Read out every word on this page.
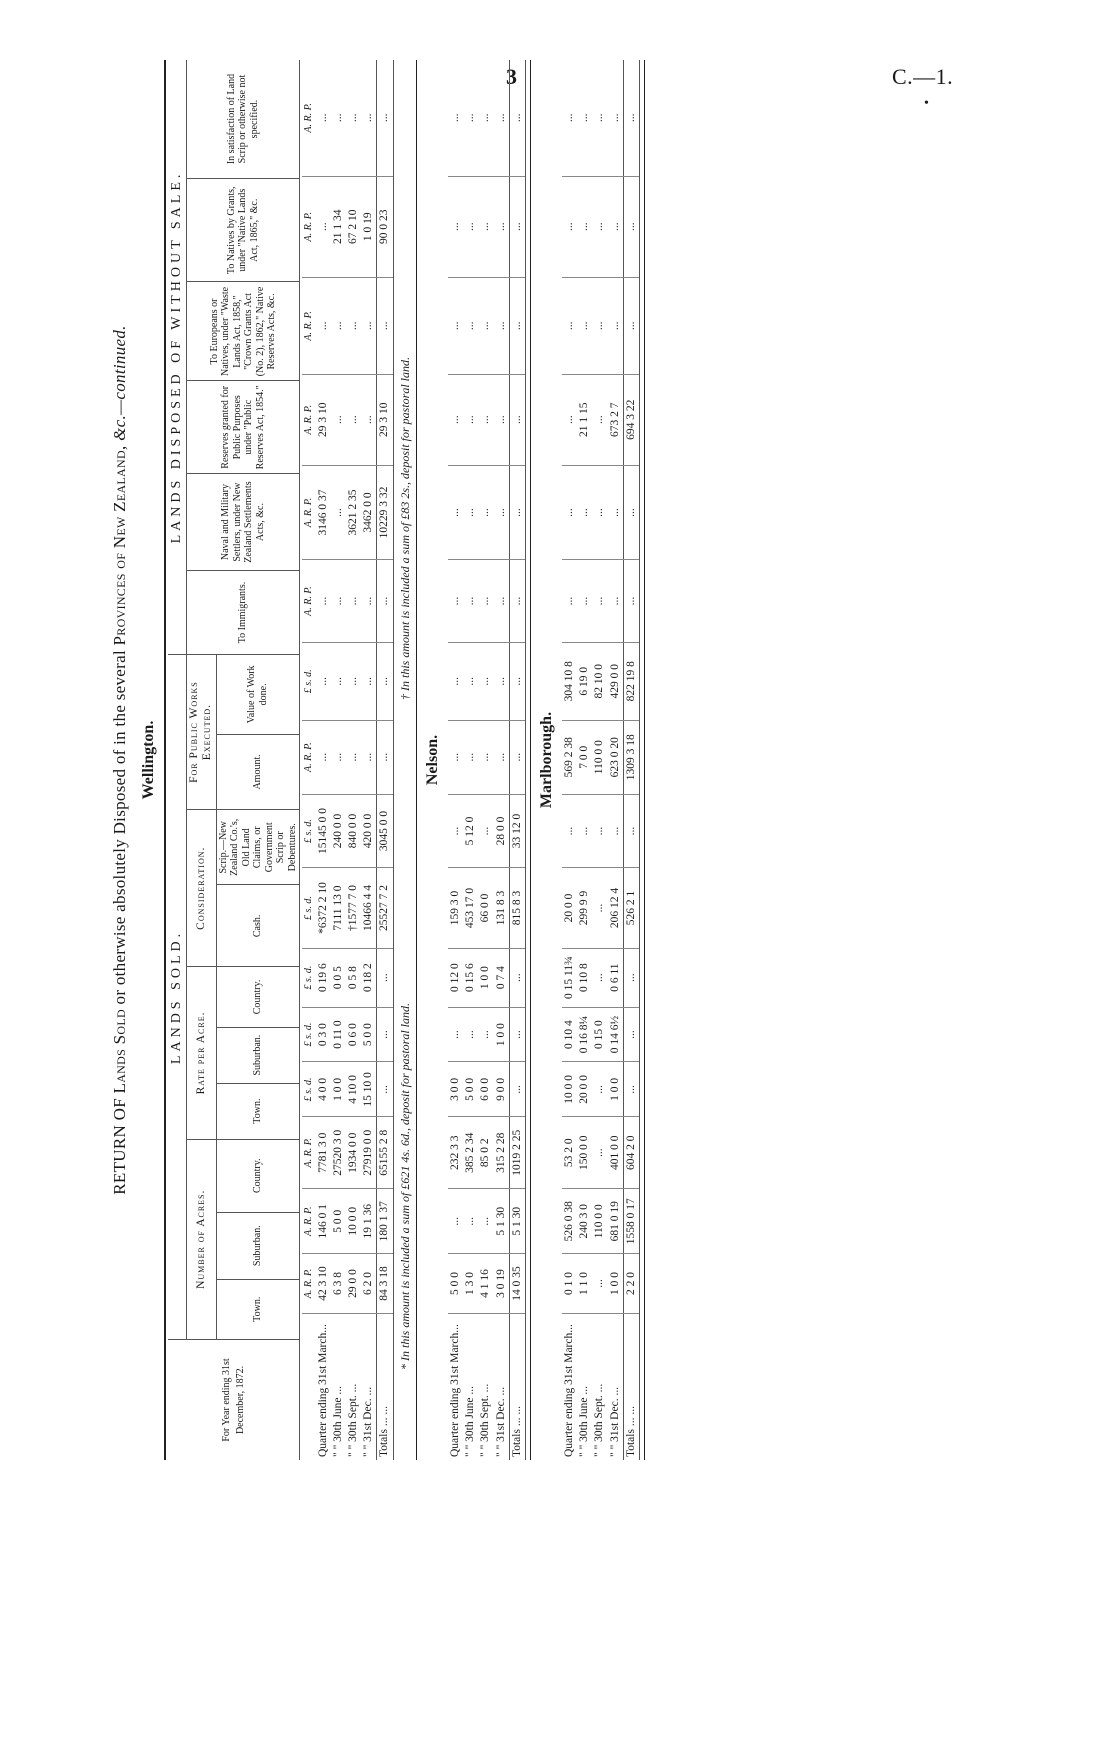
3	C.—1.
•
RETURN OF Lands Sold or otherwise absolutely Disposed of in the several Provinces of New Zealand, &c.—continued.
Wellington.
For Year ending 31st December, 1872.	LANDS SOLD.										LANDS DISPOSED OF WITHOUT SALE.					
	Number of Acres.			Rate per Acre.			Consideration.		For Public Works Executed.		To Immigrants.	Naval and Military Settlers, under New Zealand Settlements Acts, &c.	Reserves granted for Public Purposes under "Public Reserves Act, 1854."	To Europeans or Natives, under "Waste Lands Act, 1858," "Crown Grants Act (No. 2), 1862," Native Reserves Acts, &c.	To Natives by Grants, under "Native Lands Act, 1865," &c.	In satisfaction of Land Scrip or otherwise not specified.
	Town.	Suburban.	Country.	Town.	Suburban.	Country.	Cash.	Scrip.—New Zealand Co.'s, Old Land Claims, or Government Scrip or Debentures.	Amount.	Value of Work done.						
	A. R. P.	A. R. P.	A. R. P.	£ s. d.	£ s. d.	£ s. d.	£ s. d.	£ s. d.	A. R. P.	£ s. d.	A. R. P.	A. R. P.	A. R. P.	A. R. P.	A. R. P.	A. R. P.
Quarter ending 31st March...	42 3 10	146 0 1	7781 3 0	4 0 0	0 3 0	0 19 6	*6372 2 10	15145 0 0	...	...	...	3146 0 37	29 3 10	...	...	...
" " 30th June ...	6 3 8	5 0 0	27520 3 0	1 0 0	0 11 0	0 0 5	7111 13 0	240 0 0	...	...	...	...	...	...	21 1 34	...
" " 30th Sept. ...	29 0 0	10 0 0	1934 0 0	4 10 0	0 6 0	0 5 8	†1577 7 0	840 0 0	...	...	...	3621 2 35	...	...	67 2 10	...
" " 31st Dec. ...	6 2 0	19 1 36	27919 0 0	15 10 0	5 0 0	0 18 2	10466 4 4	420 0 0	...	...	...	3462 0 0	...	...	1 0 19	...
Totals ... ...	84 3 18	180 1 37	65155 2 8	...	...	...	25527 7 2	3045 0 0	...	...	...	10229 3 32	29 3 10	...	90 0 23	...
* In this amount is included a sum of £621 4s. 6d., deposit for pastoral land.
† In this amount is included a sum of £83 2s., deposit for pastoral land.
Nelson.
Quarter ending 31st March...	5 0 0	...	232 3 3	3 0 0	...	0 12 0	159 3 0	...	...	...	...	...	...	...	...	...
" " 30th June ...	1 3 0	...	385 2 34	5 0 0	...	0 15 6	453 17 0	5 12 0	...	...	...	...	...	...	...	...
" " 30th Sept. ...	4 1 16	...	85 0 2	6 0 0	...	1 0 0	66 0 0	...	...	...	...	...	...	...	...	...
" " 31st Dec. ...	3 0 19	5 1 30	315 2 28	9 0 0	1 0 0	0 7 4	131 8 3	28 0 0	...	...	...	...	...	...	...	...
Totals ... ...	14 0 35	5 1 30	1019 2 25	...	...	...	815 8 3	33 12 0	...	...	...	...	...	...	...	...
Marlborough.
Quarter ending 31st March...	0 1 0	526 0 38	53 2 0	10 0 0	0 10 4	0 15 11¾	20 0 0	...	569 2 38	304 10 8	...	...	...	...	...	...
" " 30th June ...	1 1 0	240 3 0	150 0 0	20 0 0	0 16 8¼	0 10 8	299 9 9	...	7 0 0	6 19 0	...	...	21 1 15	...	...	...
" " 30th Sept. ...	...	110 0 0	...	...	0 15 0	...	...	...	110 0 0	82 10 0	...	...	...	...	...	...
" " 31st Dec. ...	1 0 0	681 0 19	401 0 0	1 0 0	0 14 6½	0 6 11	206 12 4	...	623 0 20	429 0 0	...	...	673 2 7	...	...	...
Totals ... ...	2 2 0	1558 0 17	604 2 0	...	...	...	526 2 1	...	1309 3 18	822 19 8	...	...	694 3 22	...	...	...
